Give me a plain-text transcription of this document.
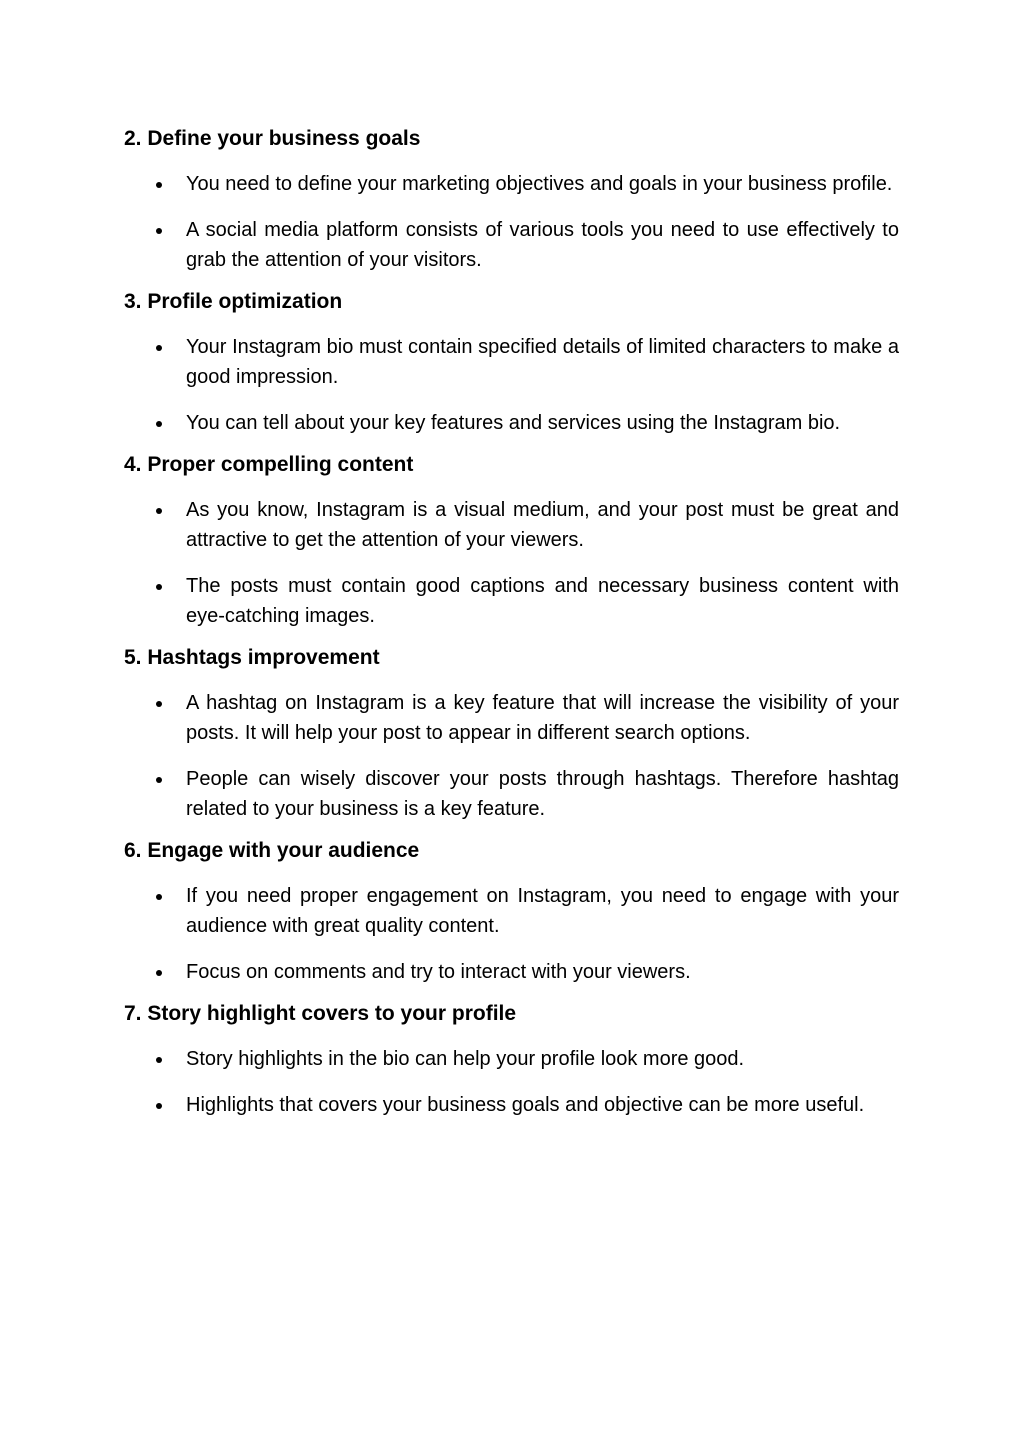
2. Define your business goals
You need to define your marketing objectives and goals in your business profile.
A social media platform consists of various tools you need to use effectively to grab the attention of your visitors.
3. Profile optimization
Your Instagram bio must contain specified details of limited characters to make a good impression.
You can tell about your key features and services using the Instagram bio.
4. Proper compelling content
As you know, Instagram is a visual medium, and your post must be great and attractive to get the attention of your viewers.
The posts must contain good captions and necessary business content with eye-catching images.
5. Hashtags improvement
A hashtag on Instagram is a key feature that will increase the visibility of your posts. It will help your post to appear in different search options.
People can wisely discover your posts through hashtags. Therefore hashtag related to your business is a key feature.
6. Engage with your audience
If you need proper engagement on Instagram, you need to engage with your audience with great quality content.
Focus on comments and try to interact with your viewers.
7. Story highlight covers to your profile
Story highlights in the bio can help your profile look more good.
Highlights that covers your business goals and objective can be more useful.
